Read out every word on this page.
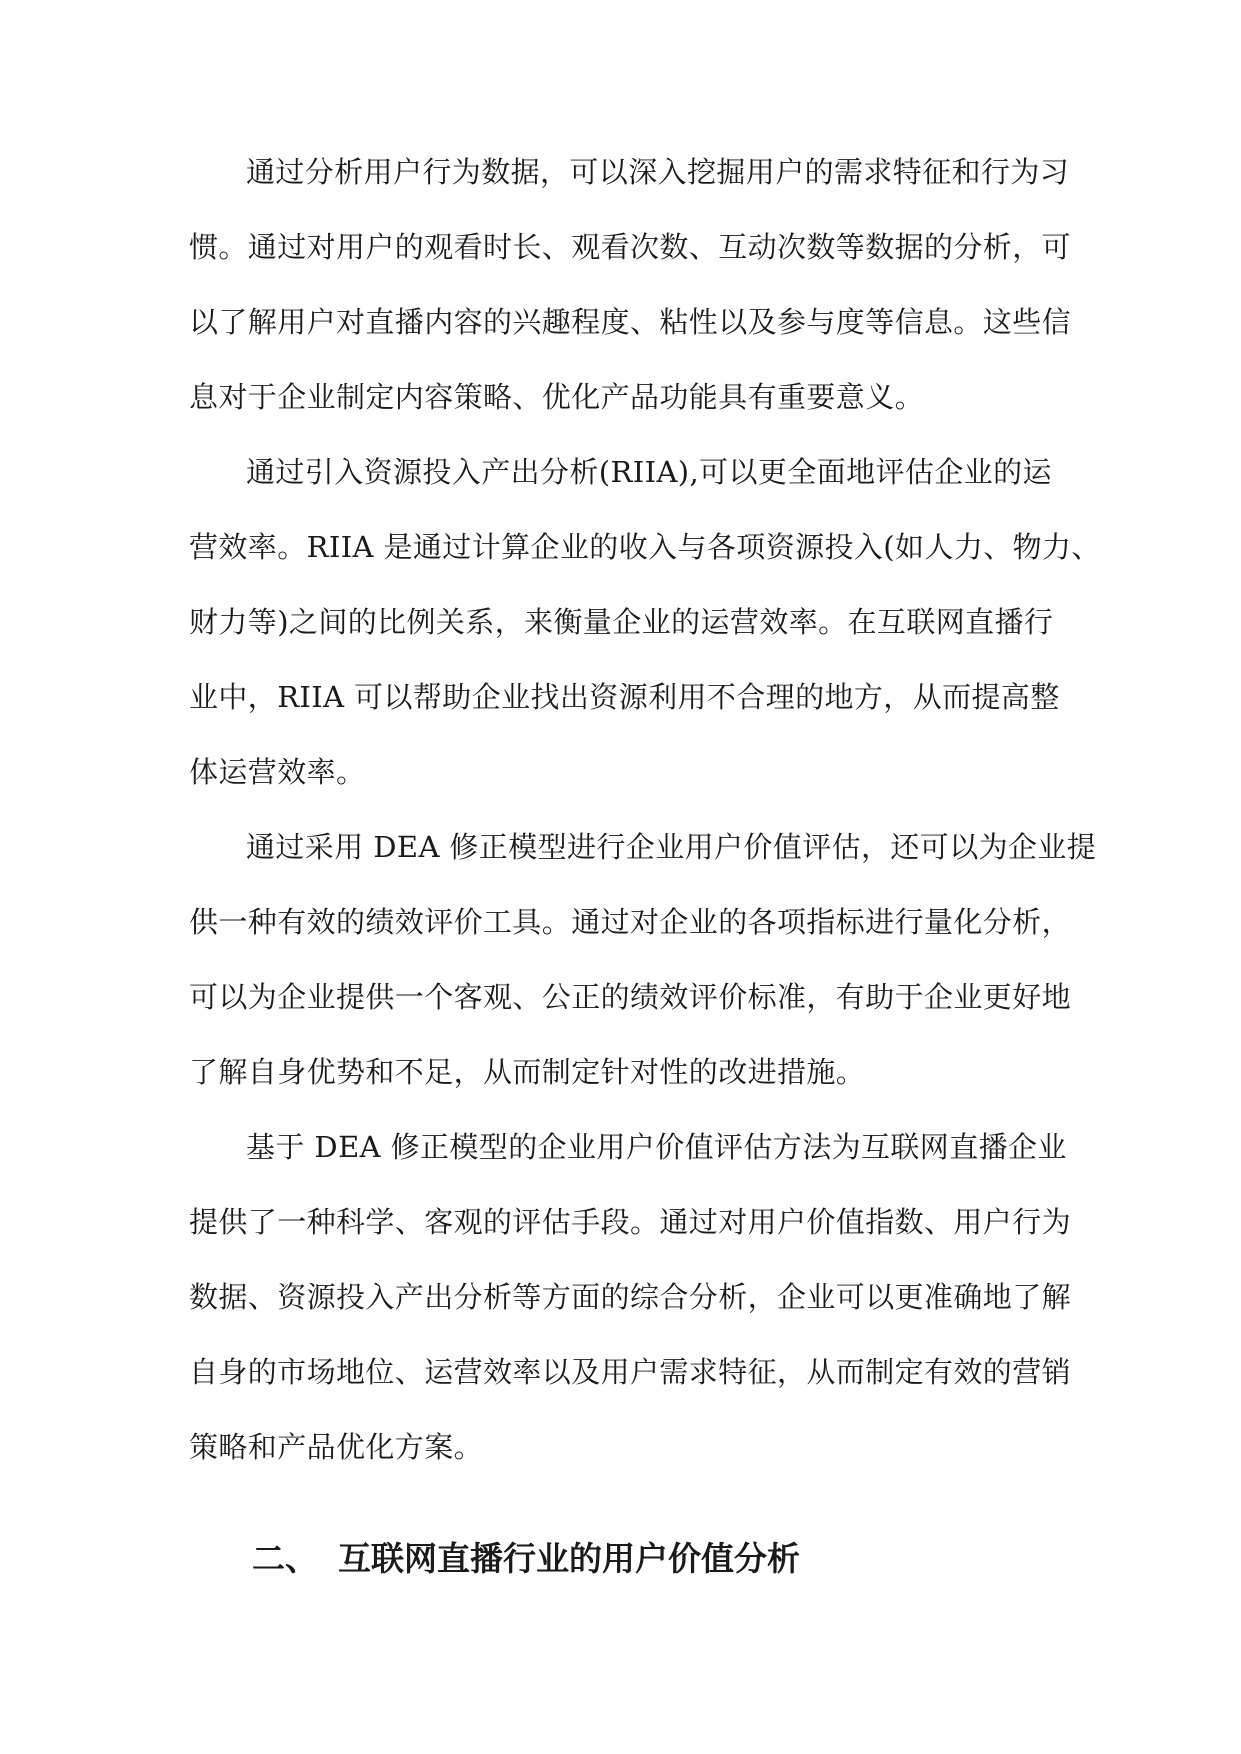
通过分析用户行为数据，可以深入挖掘用户的需求特征和行为习

惯。通过对用户的观看时长、观看次数、互动次数等数据的分析，可

以了解用户对直播内容的兴趣程度、粘性以及参与度等信息。这些信

息对于企业制定内容策略、优化产品功能具有重要意义。

通过引入资源投入产出分析(RIIA),可以更全面地评估企业的运

营效率。RIIA 是通过计算企业的收入与各项资源投入(如人力、物力、

财力等)之间的比例关系，来衡量企业的运营效率。在互联网直播行

业中，RIIA 可以帮助企业找出资源利用不合理的地方，从而提高整

体运营效率。

通过采用 DEA 修正模型进行企业用户价值评估，还可以为企业提

供一种有效的绩效评价工具。通过对企业的各项指标进行量化分析，

可以为企业提供一个客观、公正的绩效评价标准，有助于企业更好地

了解自身优势和不足，从而制定针对性的改进措施。

基于 DEA 修正模型的企业用户价值评估方法为互联网直播企业

提供了一种科学、客观的评估手段。通过对用户价值指数、用户行为

数据、资源投入产出分析等方面的综合分析，企业可以更准确地了解

自身的市场地位、运营效率以及用户需求特征，从而制定有效的营销

策略和产品优化方案。

二、 互联网直播行业的用户价值分析
